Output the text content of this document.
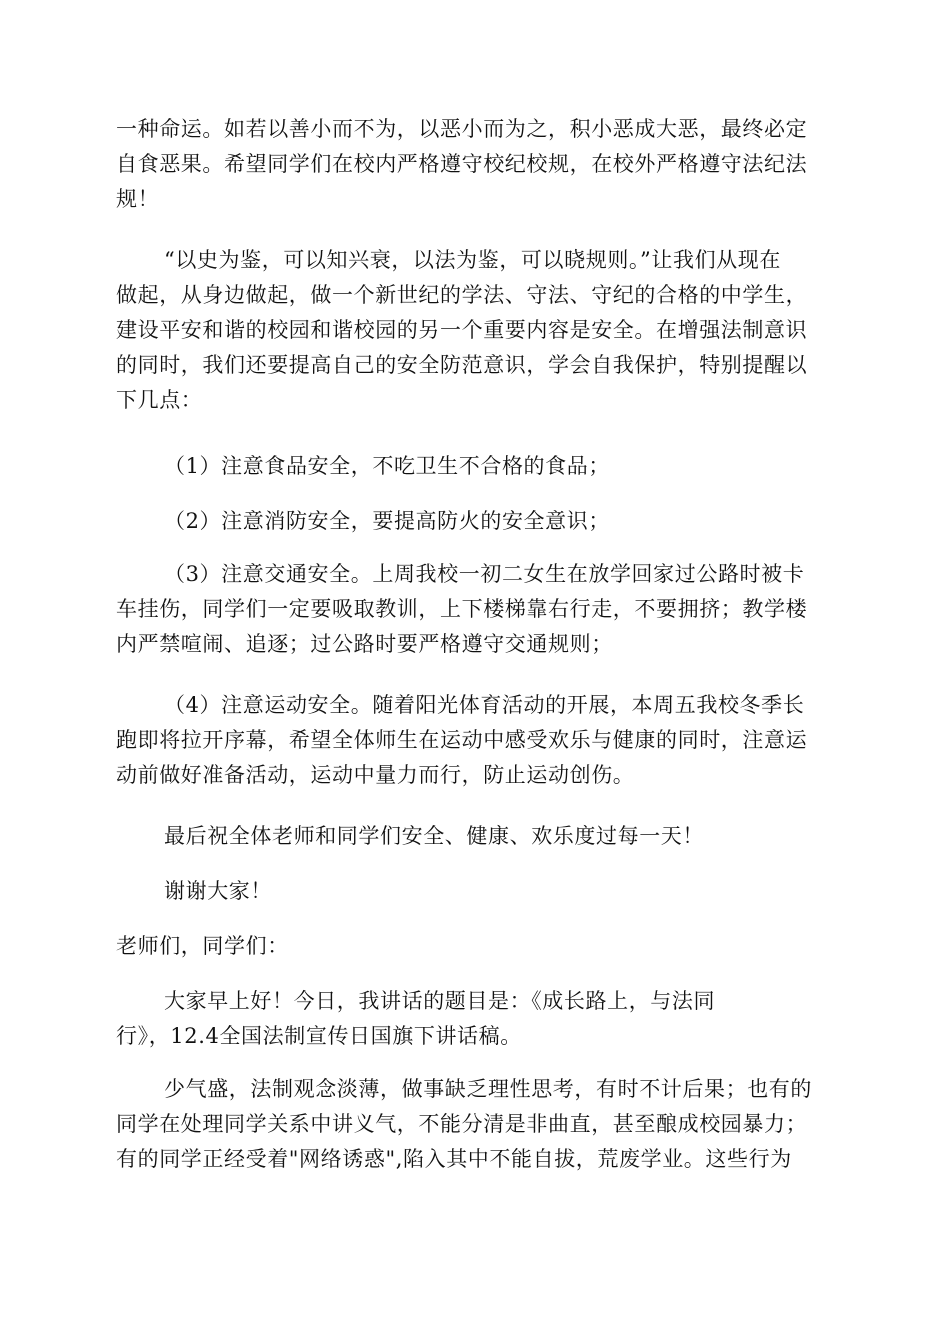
一种命运。如若以善小而不为，以恶小而为之，积小恶成大恶，最终必定
自食恶果。希望同学们在校内严格遵守校纪校规，在校外严格遵守法纪法
规！
“以史为鉴，可以知兴衰，以法为鉴，可以晓规则。”让我们从现在
做起，从身边做起，做一个新世纪的学法、守法、守纪的合格的中学生，
建设平安和谐的校园和谐校园的另一个重要内容是安全。在增强法制意识
的同时，我们还要提高自己的安全防范意识，学会自我保护，特别提醒以
下几点：
（1）注意食品安全，不吃卫生不合格的食品；
（2）注意消防安全，要提高防火的安全意识；
（3）注意交通安全。上周我校一初二女生在放学回家过公路时被卡
车挂伤，同学们一定要吸取教训，上下楼梯靠右行走，不要拥挤；教学楼
内严禁喧闹、追逐；过公路时要严格遵守交通规则；
（4）注意运动安全。随着阳光体育活动的开展，本周五我校冬季长
跑即将拉开序幕，希望全体师生在运动中感受欢乐与健康的同时，注意运
动前做好准备活动，运动中量力而行，防止运动创伤。
最后祝全体老师和同学们安全、健康、欢乐度过每一天！
谢谢大家！
老师们，同学们：
大家早上好！今日，我讲话的题目是：《成长路上，与法同
行》，12.4全国法制宣传日国旗下讲话稿。
少气盛，法制观念淡薄，做事缺乏理性思考，有时不计后果；也有的
同学在处理同学关系中讲义气，不能分清是非曲直，甚至酿成校园暴力；
有的同学正经受着"网络诱惑",陷入其中不能自拔，荒废学业。这些行为
